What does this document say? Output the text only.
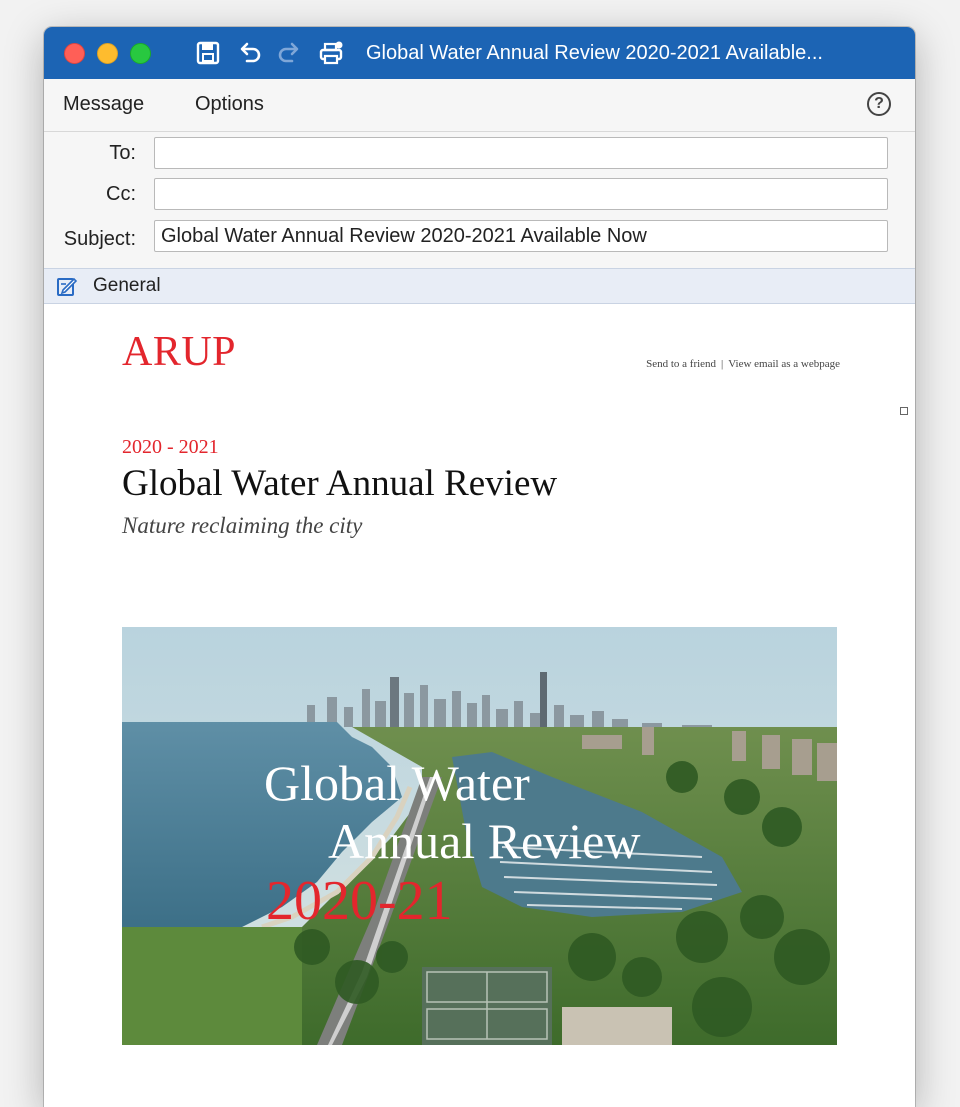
Global Water Annual Review 2020-2021 Available...
Message	Options	?
To:
Cc:
Subject:	Global Water Annual Review 2020-2021 Available Now
General
ARUP	Send to a friend | View email as a webpage
2020 - 2021
Global Water Annual Review
Nature reclaiming the city
Global Water
Annual Review
2020-21
